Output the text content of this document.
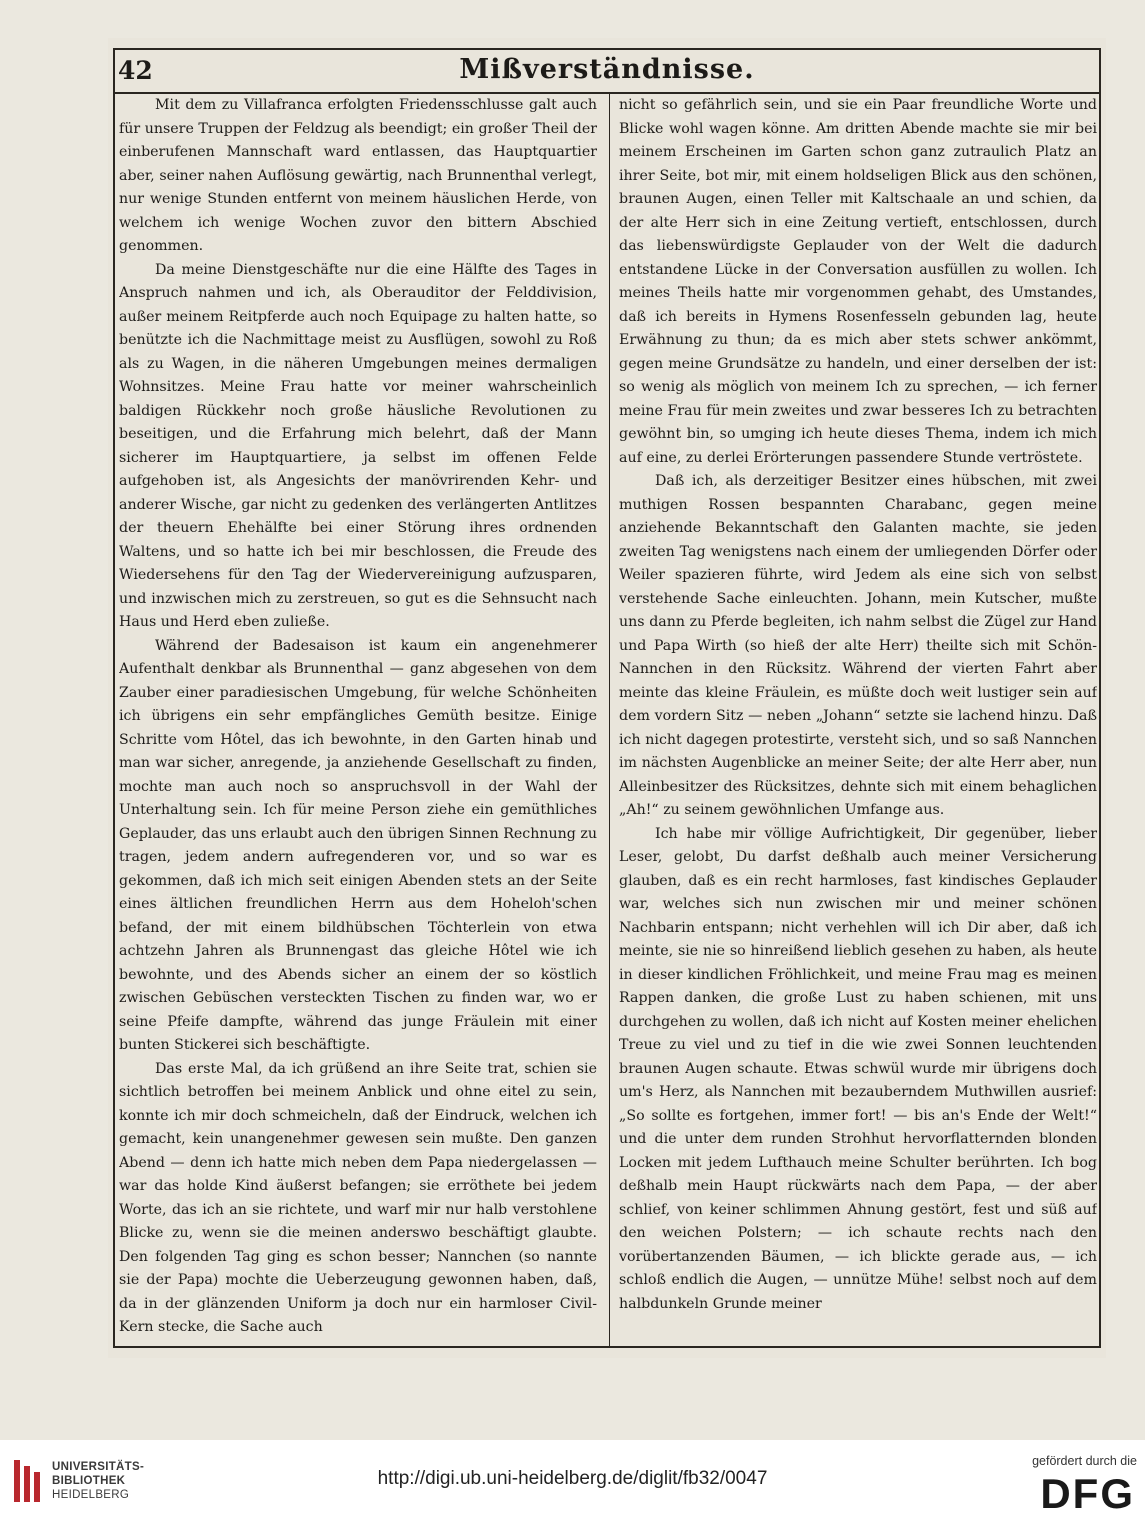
42	Mißverständnisse.

Mit dem zu Villafranca erfolgten Friedensschlusse galt auch für unsere Truppen der Feldzug als beendigt; ein großer Theil der einberufenen Mannschaft ward entlassen, das Hauptquartier aber, seiner nahen Auflösung gewärtig, nach Brunnenthal verlegt, nur wenige Stunden entfernt von meinem häuslichen Herde, von welchem ich wenige Wochen zuvor den bittern Abschied genommen.

Da meine Dienstgeschäfte nur die eine Hälfte des Tages in Anspruch nahmen und ich, als Oberauditor der Felddivision, außer meinem Reitpferde auch noch Equipage zu halten hatte, so benützte ich die Nachmittage meist zu Ausflügen, sowohl zu Roß als zu Wagen, in die näheren Umgebungen meines dermaligen Wohnsitzes. Meine Frau hatte vor meiner wahrscheinlich baldigen Rückkehr noch große häusliche Revolutionen zu beseitigen, und die Erfahrung mich belehrt, daß der Mann sicherer im Hauptquartiere, ja selbst im offenen Felde aufgehoben ist, als Angesichts der manövrirenden Kehr- und anderer Wische, gar nicht zu gedenken des verlängerten Antlitzes der theuern Ehehälfte bei einer Störung ihres ordnenden Waltens, und so hatte ich bei mir beschlossen, die Freude des Wiedersehens für den Tag der Wiedervereinigung aufzusparen, und inzwischen mich zu zerstreuen, so gut es die Sehnsucht nach Haus und Herd eben zuließe.

Während der Badesaison ist kaum ein angenehmerer Aufenthalt denkbar als Brunnenthal — ganz abgesehen von dem Zauber einer paradiesischen Umgebung, für welche Schönheiten ich übrigens ein sehr empfängliches Gemüth besitze. Einige Schritte vom Hôtel, das ich bewohnte, in den Garten hinab und man war sicher, anregende, ja anziehende Gesellschaft zu finden, mochte man auch noch so anspruchsvoll in der Wahl der Unterhaltung sein. Ich für meine Person ziehe ein gemüthliches Geplauder, das uns erlaubt auch den übrigen Sinnen Rechnung zu tragen, jedem andern aufregenderen vor, und so war es gekommen, daß ich mich seit einigen Abenden stets an der Seite eines ältlichen freundlichen Herrn aus dem Hoheloh'schen befand, der mit einem bildhübschen Töchterlein von etwa achtzehn Jahren als Brunnengast das gleiche Hôtel wie ich bewohnte, und des Abends sicher an einem der so köstlich zwischen Gebüschen versteckten Tischen zu finden war, wo er seine Pfeife dampfte, während das junge Fräulein mit einer bunten Stickerei sich beschäftigte.

Das erste Mal, da ich grüßend an ihre Seite trat, schien sie sichtlich betroffen bei meinem Anblick und ohne eitel zu sein, konnte ich mir doch schmeicheln, daß der Eindruck, welchen ich gemacht, kein unangenehmer gewesen sein mußte. Den ganzen Abend — denn ich hatte mich neben dem Papa niedergelassen — war das holde Kind äußerst befangen; sie erröthete bei jedem Worte, das ich an sie richtete, und warf mir nur halb verstohlene Blicke zu, wenn sie die meinen anderswo beschäftigt glaubte. Den folgenden Tag ging es schon besser; Nannchen (so nannte sie der Papa) mochte die Ueberzeugung gewonnen haben, daß, da in der glänzenden Uniform ja doch nur ein harmloser Civil-Kern stecke, die Sache auch

nicht so gefährlich sein, und sie ein Paar freundliche Worte und Blicke wohl wagen könne. Am dritten Abende machte sie mir bei meinem Erscheinen im Garten schon ganz zutraulich Platz an ihrer Seite, bot mir, mit einem holdseligen Blick aus den schönen, braunen Augen, einen Teller mit Kaltschaale an und schien, da der alte Herr sich in eine Zeitung vertieft, entschlossen, durch das liebenswürdigste Geplauder von der Welt die dadurch entstandene Lücke in der Conversation ausfüllen zu wollen. Ich meines Theils hatte mir vorgenommen gehabt, des Umstandes, daß ich bereits in Hymens Rosenfesseln gebunden lag, heute Erwähnung zu thun; da es mich aber stets schwer ankömmt, gegen meine Grundsätze zu handeln, und einer derselben der ist: so wenig als möglich von meinem Ich zu sprechen, — ich ferner meine Frau für mein zweites und zwar besseres Ich zu betrachten gewöhnt bin, so umging ich heute dieses Thema, indem ich mich auf eine, zu derlei Erörterungen passendere Stunde vertröstete.

Daß ich, als derzeitiger Besitzer eines hübschen, mit zwei muthigen Rossen bespannten Charabanc, gegen meine anziehende Bekanntschaft den Galanten machte, sie jeden zweiten Tag wenigstens nach einem der umliegenden Dörfer oder Weiler spazieren führte, wird Jedem als eine sich von selbst verstehende Sache einleuchten. Johann, mein Kutscher, mußte uns dann zu Pferde begleiten, ich nahm selbst die Zügel zur Hand und Papa Wirth (so hieß der alte Herr) theilte sich mit Schön-Nannchen in den Rücksitz. Während der vierten Fahrt aber meinte das kleine Fräulein, es müßte doch weit lustiger sein auf dem vordern Sitz — neben „Johann“ setzte sie lachend hinzu. Daß ich nicht dagegen protestirte, versteht sich, und so saß Nannchen im nächsten Augenblicke an meiner Seite; der alte Herr aber, nun Alleinbesitzer des Rücksitzes, dehnte sich mit einem behaglichen „Ah!“ zu seinem gewöhnlichen Umfange aus.

Ich habe mir völlige Aufrichtigkeit, Dir gegenüber, lieber Leser, gelobt, Du darfst deßhalb auch meiner Versicherung glauben, daß es ein recht harmloses, fast kindisches Geplauder war, welches sich nun zwischen mir und meiner schönen Nachbarin entspann; nicht verhehlen will ich Dir aber, daß ich meinte, sie nie so hinreißend lieblich gesehen zu haben, als heute in dieser kindlichen Fröhlichkeit, und meine Frau mag es meinen Rappen danken, die große Lust zu haben schienen, mit uns durchgehen zu wollen, daß ich nicht auf Kosten meiner ehelichen Treue zu viel und zu tief in die wie zwei Sonnen leuchtenden braunen Augen schaute. Etwas schwül wurde mir übrigens doch um's Herz, als Nannchen mit bezauberndem Muthwillen ausrief: „So sollte es fortgehen, immer fort! — bis an's Ende der Welt!“ und die unter dem runden Strohhut hervorflatternden blonden Locken mit jedem Lufthauch meine Schulter berührten. Ich bog deßhalb mein Haupt rückwärts nach dem Papa, — der aber schlief, von keiner schlimmen Ahnung gestört, fest und süß auf den weichen Polstern; — ich schaute rechts nach den vorübertanzenden Bäumen, — ich blickte gerade aus, — ich schloß endlich die Augen, — unnütze Mühe! selbst noch auf dem halbdunkeln Grunde meiner

UNIVERSITÄTS-
BIBLIOTHEK
HEIDELBERG
http://digi.ub.uni-heidelberg.de/diglit/fb32/0047
gefördert durch die
DFG
